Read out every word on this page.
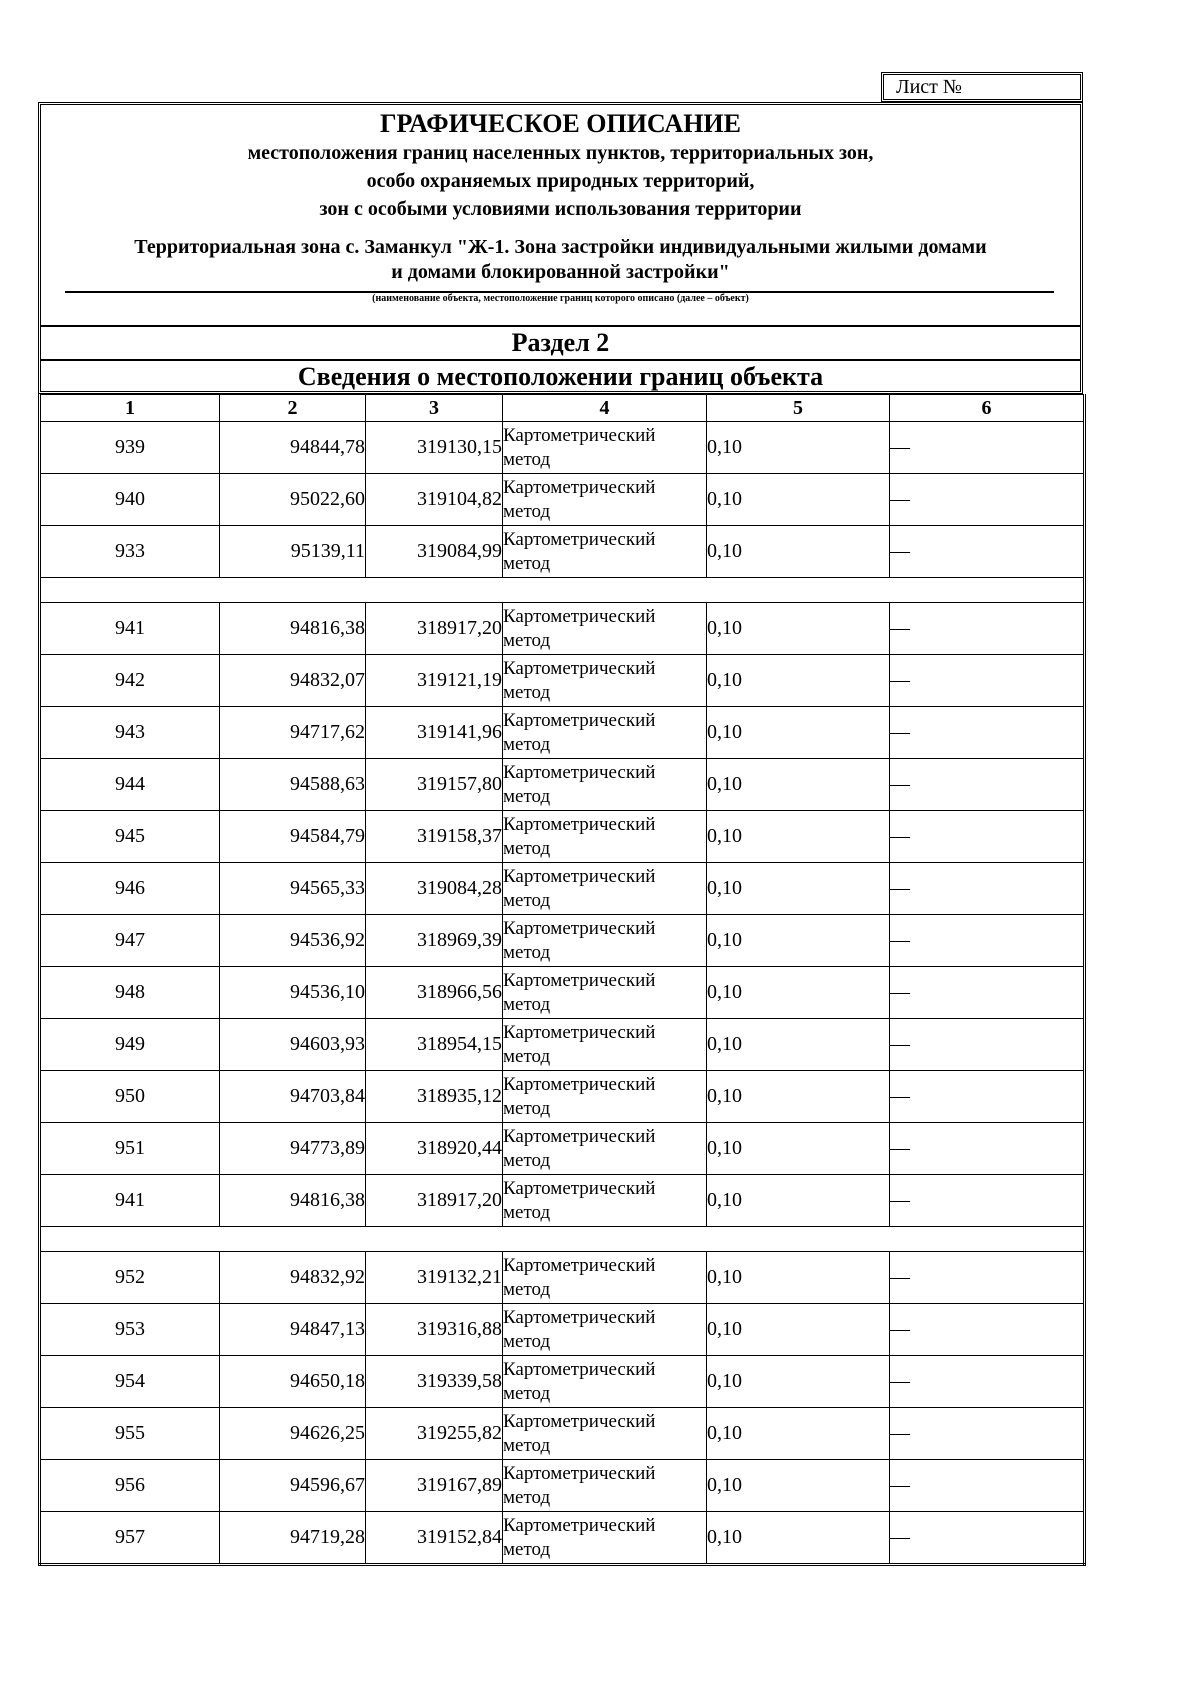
Лист №
ГРАФИЧЕСКОЕ ОПИСАНИЕ
местоположения границ населенных пунктов, территориальных зон,
особо охраняемых природных территорий,
зон с особыми условиями использования территории
Территориальная зона с. Заманкул "Ж-1. Зона застройки индивидуальными жилыми домами
и домами блокированной застройки"
(наименование объекта, местоположение границ которого описано (далее – объект)
Раздел 2
Сведения о местоположении границ объекта
1	2	3	4	5	6
939	94844,78	319130,15	Картометрический метод	0,10	—
940	95022,60	319104,82	Картометрический метод	0,10	—
933	95139,11	319084,99	Картометрический метод	0,10	—

941	94816,38	318917,20	Картометрический метод	0,10	—
942	94832,07	319121,19	Картометрический метод	0,10	—
943	94717,62	319141,96	Картометрический метод	0,10	—
944	94588,63	319157,80	Картометрический метод	0,10	—
945	94584,79	319158,37	Картометрический метод	0,10	—
946	94565,33	319084,28	Картометрический метод	0,10	—
947	94536,92	318969,39	Картометрический метод	0,10	—
948	94536,10	318966,56	Картометрический метод	0,10	—
949	94603,93	318954,15	Картометрический метод	0,10	—
950	94703,84	318935,12	Картометрический метод	0,10	—
951	94773,89	318920,44	Картометрический метод	0,10	—
941	94816,38	318917,20	Картометрический метод	0,10	—

952	94832,92	319132,21	Картометрический метод	0,10	—
953	94847,13	319316,88	Картометрический метод	0,10	—
954	94650,18	319339,58	Картометрический метод	0,10	—
955	94626,25	319255,82	Картометрический метод	0,10	—
956	94596,67	319167,89	Картометрический метод	0,10	—
957	94719,28	319152,84	Картометрический метод	0,10	—
